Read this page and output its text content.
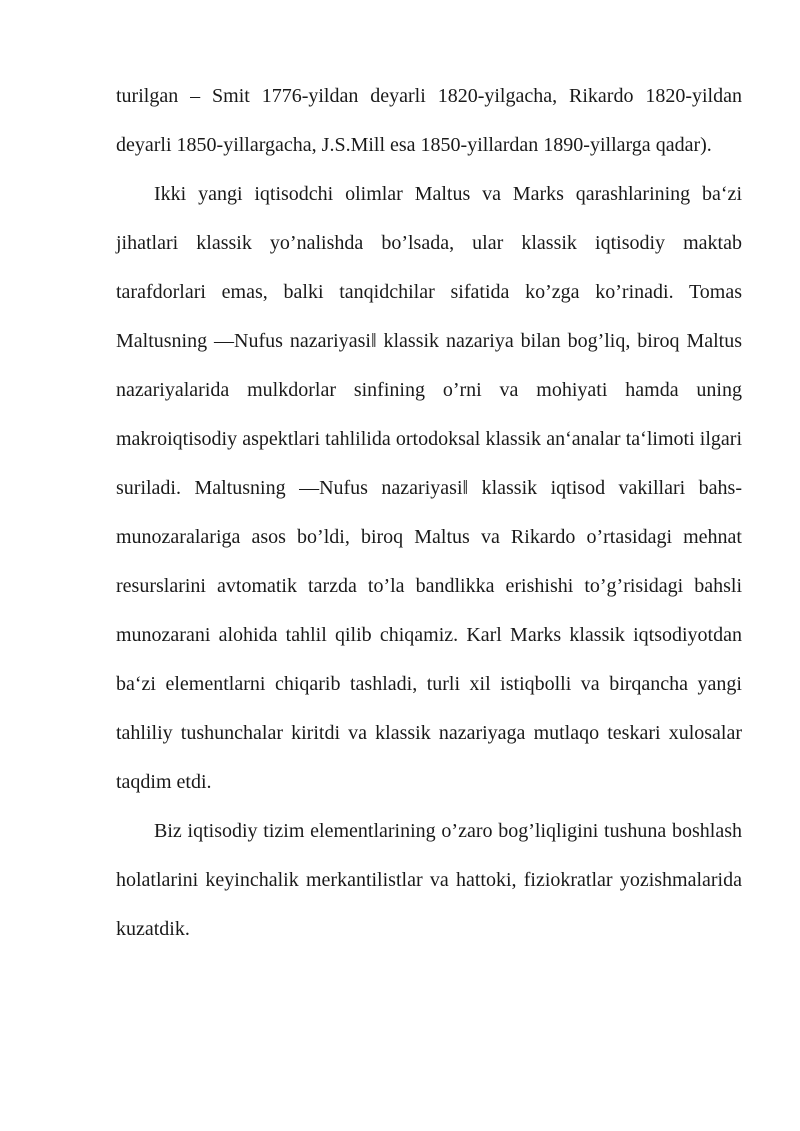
turilgan – Smit 1776-yildan deyarli 1820-yilgacha, Rikardo 1820-yildan deyarli 1850-yillargacha, J.S.Mill esa 1850-yillardan 1890-yillarga qadar).

Ikki yangi iqtisodchi olimlar Maltus va Marks qarashlarining ba‘zi jihatlari klassik yo’nalishda bo’lsada, ular klassik iqtisodiy maktab tarafdorlari emas, balki tanqidchilar sifatida ko’zga ko’rinadi. Tomas Maltusning ―Nufus nazariyasi‖ klassik nazariya bilan bog’liq, biroq Maltus nazariyalarida mulkdorlar sinfining o’rni va mohiyati hamda uning makroiqtisodiy aspektlari tahlilida ortodoksal klassik an‘analar ta‘limoti ilgari suriladi. Maltusning ―Nufus nazariyasi‖ klassik iqtisod vakillari bahs-munozaralariga asos bo’ldi, biroq Maltus va Rikardo o’rtasidagi mehnat resurslarini avtomatik tarzda to’la bandlikka erishishi to’g’risidagi bahsli munozarani alohida tahlil qilib chiqamiz. Karl Marks klassik iqtsodiyotdan ba‘zi elementlarni chiqarib tashladi, turli xil istiqbolli va birqancha yangi tahliliy tushunchalar kiritdi va klassik nazariyaga mutlaqo teskari xulosalar taqdim etdi.

Biz iqtisodiy tizim elementlarining o’zaro bog’liqligini tushuna boshlash holatlarini keyinchalik merkantilistlar va hattoki, fiziokratlar yozishmalarida kuzatdik.
